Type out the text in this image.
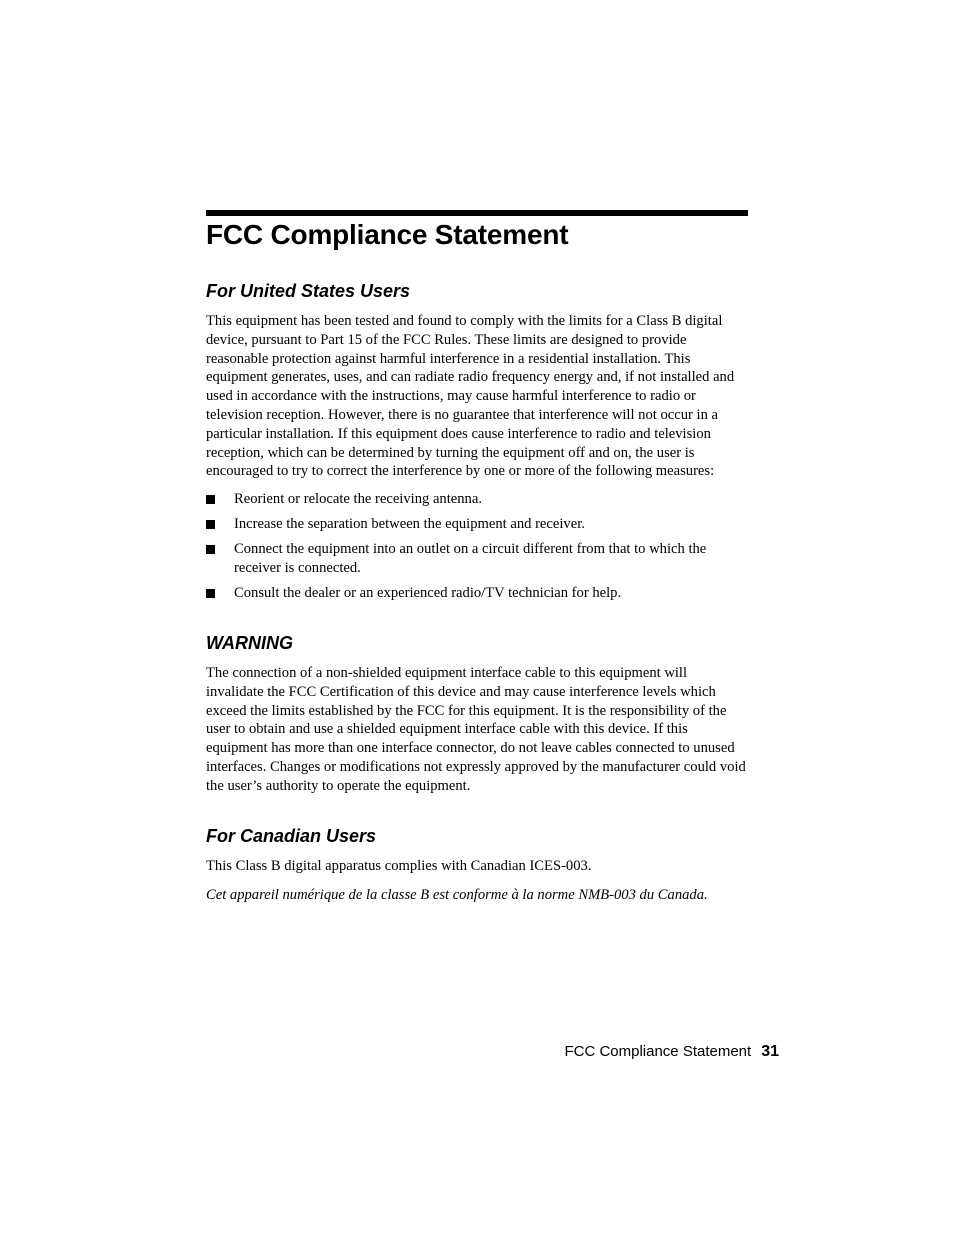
FCC Compliance Statement
For United States Users

This equipment has been tested and found to comply with the limits for a Class B digital device, pursuant to Part 15 of the FCC Rules. These limits are designed to provide reasonable protection against harmful interference in a residential installation. This equipment generates, uses, and can radiate radio frequency energy and, if not installed and used in accordance with the instructions, may cause harmful interference to radio or television reception. However, there is no guarantee that interference will not occur in a particular installation. If this equipment does cause interference to radio and television reception, which can be determined by turning the equipment off and on, the user is encouraged to try to correct the interference by one or more of the following measures:

Reorient or relocate the receiving antenna.
Increase the separation between the equipment and receiver.
Connect the equipment into an outlet on a circuit different from that to which the receiver is connected.
Consult the dealer or an experienced radio/TV technician for help.
WARNING

The connection of a non-shielded equipment interface cable to this equipment will invalidate the FCC Certification of this device and may cause interference levels which exceed the limits established by the FCC for this equipment. It is the responsibility of the user to obtain and use a shielded equipment interface cable with this device. If this equipment has more than one interface connector, do not leave cables connected to unused interfaces. Changes or modifications not expressly approved by the manufacturer could void the user’s authority to operate the equipment.

For Canadian Users

This Class B digital apparatus complies with Canadian ICES-003.

Cet appareil numérique de la classe B est conforme à la norme NMB-003 du Canada.

FCC Compliance Statement 31
